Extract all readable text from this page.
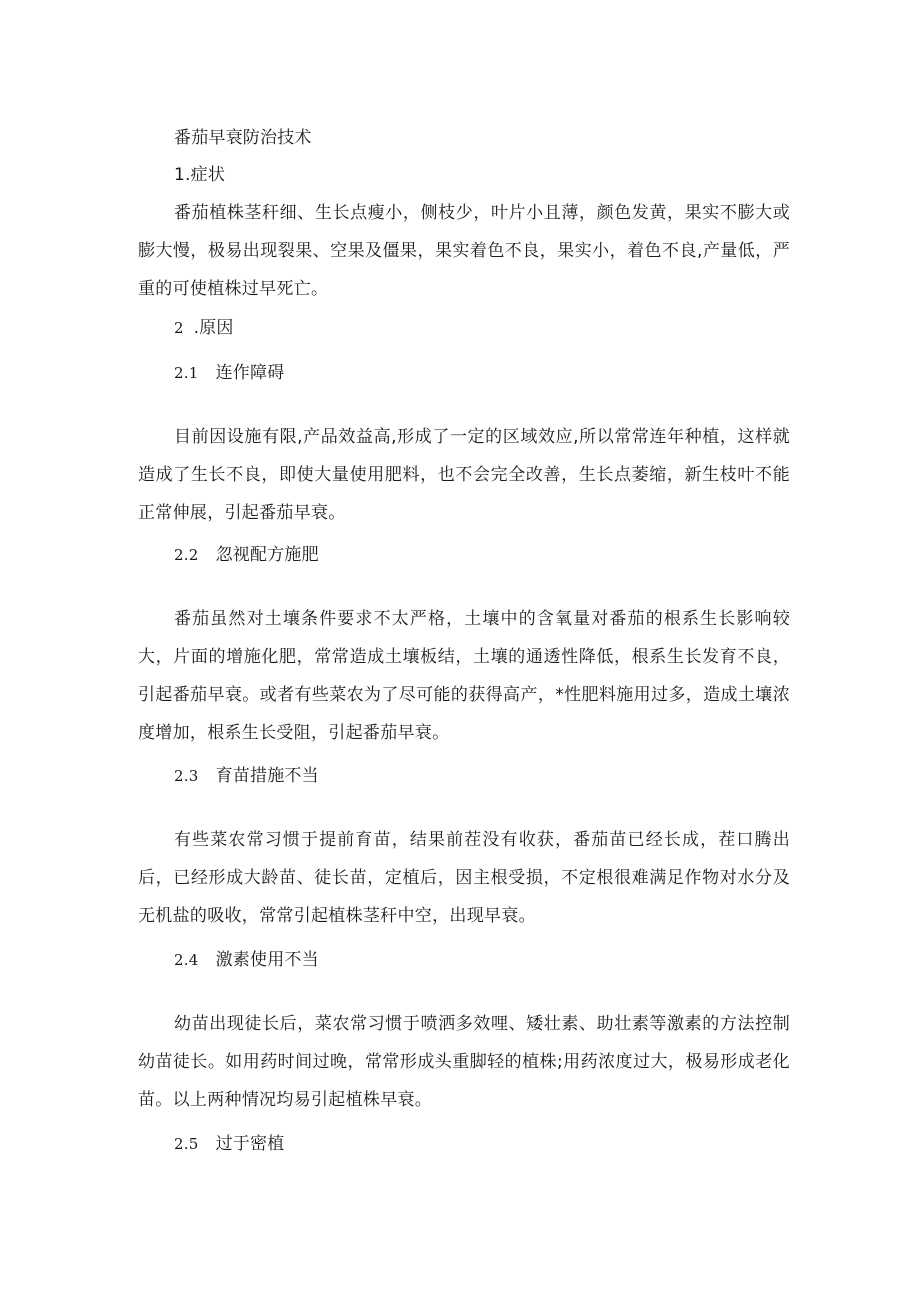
番茄早衰防治技术
1.症状
番茄植株茎秆细、生长点瘦小，侧枝少，叶片小且薄，颜色发黄，果实不膨大或膨大慢，极易出现裂果、空果及僵果，果实着色不良，果实小，着色不良,产量低，严重的可使植株过早死亡。
2 .原因
2.1 连作障碍
目前因设施有限,产品效益高,形成了一定的区域效应,所以常常连年种植，这样就造成了生长不良，即使大量使用肥料，也不会完全改善，生长点萎缩，新生枝叶不能正常伸展，引起番茄早衰。
2.2 忽视配方施肥
番茄虽然对土壤条件要求不太严格，土壤中的含氧量对番茄的根系生长影响较大，片面的增施化肥，常常造成土壤板结，土壤的通透性降低，根系生长发育不良，引起番茄早衰。或者有些菜农为了尽可能的获得高产，*性肥料施用过多，造成土壤浓度增加，根系生长受阻，引起番茄早衰。
2.3 育苗措施不当
有些菜农常习惯于提前育苗，结果前茬没有收获，番茄苗已经长成，茬口腾出后，已经形成大龄苗、徒长苗，定植后，因主根受损，不定根很难满足作物对水分及无机盐的吸收，常常引起植株茎秆中空，出现早衰。
2.4 激素使用不当
幼苗出现徒长后，菜农常习惯于喷洒多效哩、矮壮素、助壮素等激素的方法控制幼苗徒长。如用药时间过晚，常常形成头重脚轻的植株;用药浓度过大，极易形成老化苗。以上两种情况均易引起植株早衰。
2.5 过于密植
